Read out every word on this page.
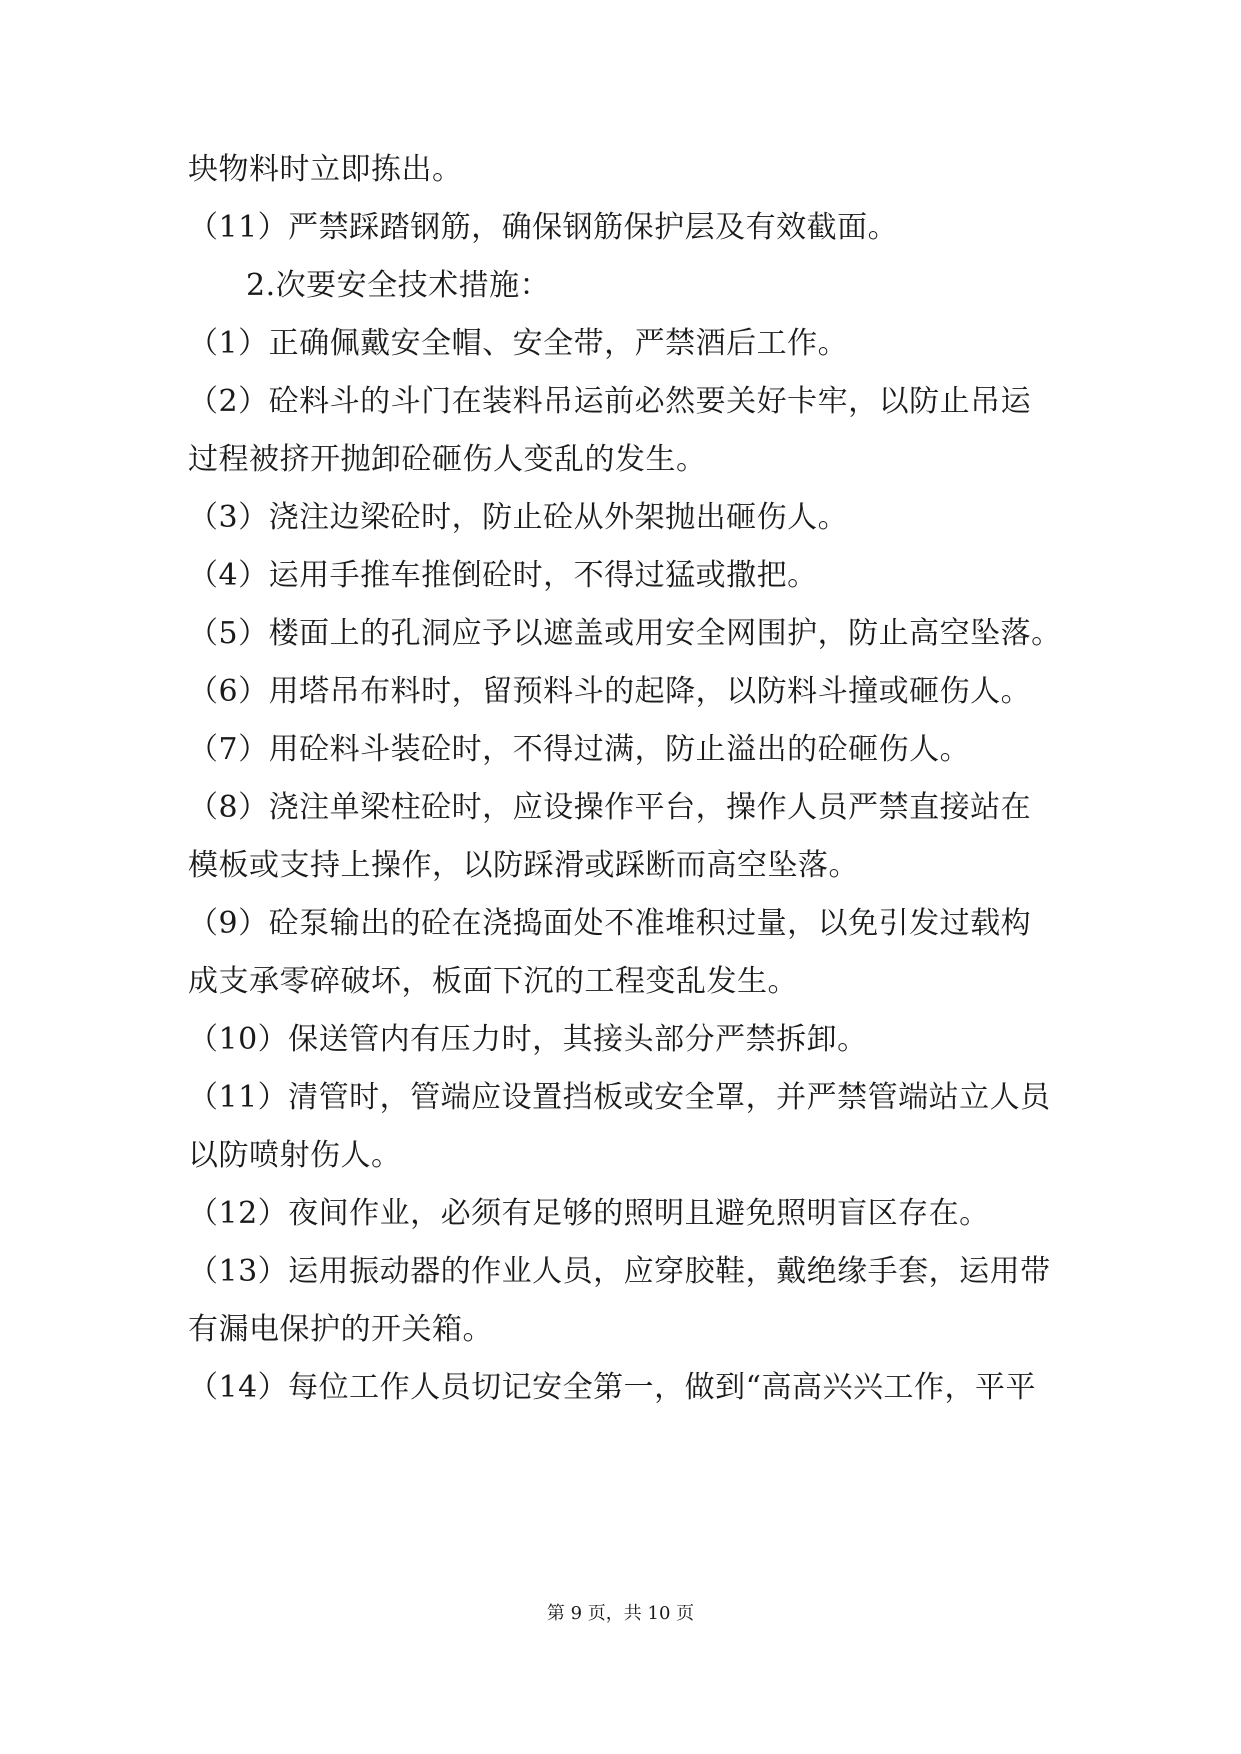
块物料时立即拣出。

（11）严禁踩踏钢筋，确保钢筋保护层及有效截面。

2.次要安全技术措施：

（1）正确佩戴安全帽、安全带，严禁酒后工作。

（2）砼料斗的斗门在装料吊运前必然要关好卡牢，以防止吊运

过程被挤开抛卸砼砸伤人变乱的发生。

（3）浇注边梁砼时，防止砼从外架抛出砸伤人。

（4）运用手推车推倒砼时，不得过猛或撒把。

（5）楼面上的孔洞应予以遮盖或用安全网围护，防止高空坠落。

（6）用塔吊布料时，留预料斗的起降，以防料斗撞或砸伤人。

（7）用砼料斗装砼时，不得过满，防止溢出的砼砸伤人。

（8）浇注单梁柱砼时，应设操作平台，操作人员严禁直接站在

模板或支持上操作，以防踩滑或踩断而高空坠落。

（9）砼泵输出的砼在浇捣面处不准堆积过量，以免引发过载构

成支承零碎破坏，板面下沉的工程变乱发生。

（10）保送管内有压力时，其接头部分严禁拆卸。

（11）清管时，管端应设置挡板或安全罩，并严禁管端站立人员

以防喷射伤人。

（12）夜间作业，必须有足够的照明且避免照明盲区存在。

（13）运用振动器的作业人员，应穿胶鞋，戴绝缘手套，运用带

有漏电保护的开关箱。

（14）每位工作人员切记安全第一，做到“高高兴兴工作，平平

第 9 页，共 10 页
